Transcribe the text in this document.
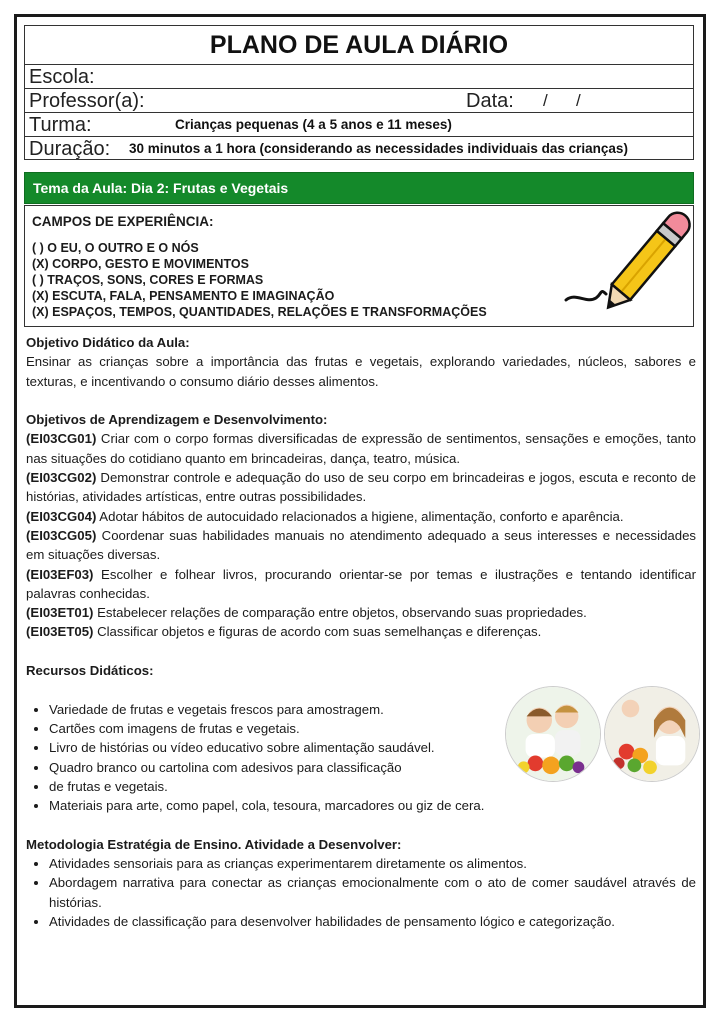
PLANO DE AULA DIÁRIO
Escola:
Professor(a):	Data: /      /
Turma:	Crianças pequenas (4 a 5 anos e 11 meses)
Duração: 30 minutos a 1 hora (considerando as necessidades individuais das crianças)
Tema da Aula: Dia 2: Frutas e Vegetais
CAMPOS DE EXPERIÊNCIA:
( ) O EU, O OUTRO E O NÓS
(X) CORPO, GESTO E MOVIMENTOS
( ) TRAÇOS, SONS, CORES E FORMAS
(X) ESCUTA, FALA, PENSAMENTO E IMAGINAÇÃO
(X) ESPAÇOS, TEMPOS, QUANTIDADES, RELAÇÕES E TRANSFORMAÇÕES

Objetivo Didático da Aula:

Ensinar as crianças sobre a importância das frutas e vegetais, explorando variedades, núcleos, sabores e texturas, e incentivando o consumo diário desses alimentos.

Objetivos de Aprendizagem e Desenvolvimento:

(EI03CG01) Criar com o corpo formas diversificadas de expressão de sentimentos, sensações e emoções, tanto nas situações do cotidiano quanto em brincadeiras, dança, teatro, música.

(EI03CG02) Demonstrar controle e adequação do uso de seu corpo em brincadeiras e jogos, escuta e reconto de histórias, atividades artísticas, entre outras possibilidades.

(EI03CG04) Adotar hábitos de autocuidado relacionados a higiene, alimentação, conforto e aparência.

(EI03CG05) Coordenar suas habilidades manuais no atendimento adequado a seus interesses e necessidades em situações diversas.

(EI03EF03) Escolher e folhear livros, procurando orientar-se por temas e ilustrações e tentando identificar palavras conhecidas.

(EI03ET01) Estabelecer relações de comparação entre objetos, observando suas propriedades.

(EI03ET05) Classificar objetos e figuras de acordo com suas semelhanças e diferenças.

Recursos Didáticos:

• Variedade de frutas e vegetais frescos para amostragem.
• Cartões com imagens de frutas e vegetais.
• Livro de histórias ou vídeo educativo sobre alimentação saudável.
• Quadro branco ou cartolina com adesivos para classificação
• de frutas e vegetais.
• Materiais para arte, como papel, cola, tesoura, marcadores ou giz de cera.

Metodologia Estratégia de Ensino. Atividade a Desenvolver:

• Atividades sensoriais para as crianças experimentarem diretamente os alimentos.
• Abordagem narrativa para conectar as crianças emocionalmente com o ato de comer saudável através de histórias.
• Atividades de classificação para desenvolver habilidades de pensamento lógico e categorização.
